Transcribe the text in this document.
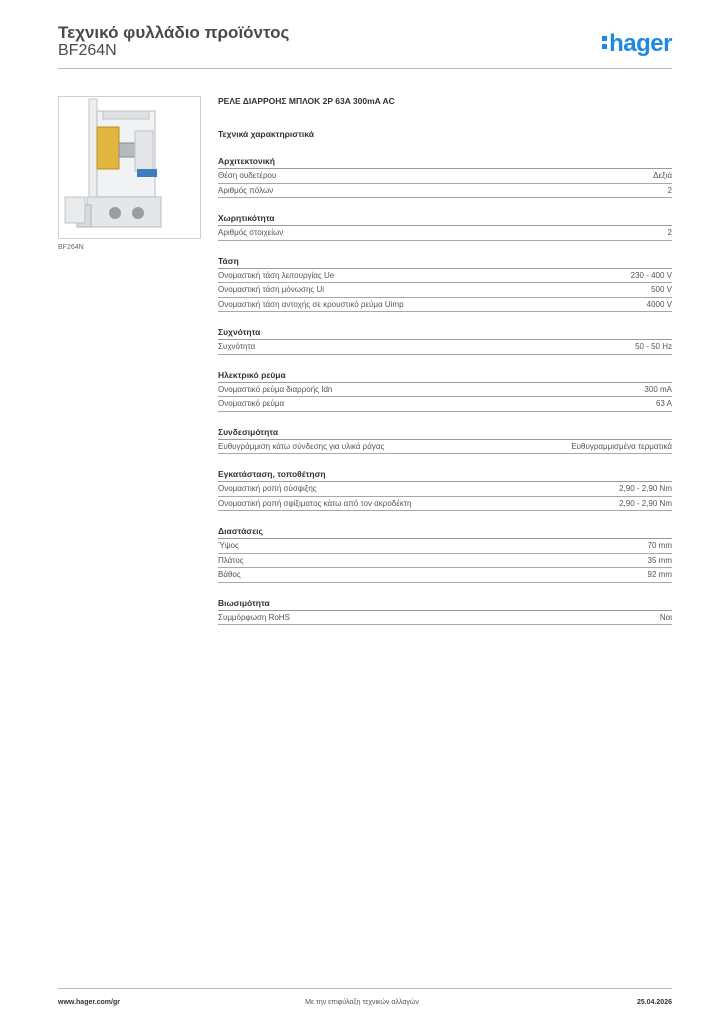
Τεχνικό φυλλάδιο προϊόντος
BF264N	hager
BF264N
ΡΕΛΕ ΔΙΑΡΡΟΗΣ ΜΠΛΟΚ 2P 63A 300mA AC
Τεχνικά χαρακτηριστικά
Αρχιτεκτονική
Θέση ουδετέρου	Δεξιά
Αριθμός πόλων	2
Χωρητικότητα
Αριθμός στοιχείων	2
Τάση
Ονομαστική τάση λειτουργίας Ue	230 - 400 V
Ονομαστική τάση μόνωσης Ui	500 V
Ονομαστική τάση αντοχής σε κρουστικό ρεύμα Uimp	4000 V
Συχνότητα
Συχνότητα	50 - 50 Hz
Ηλεκτρικό ρεύμα
Ονομαστικό ρεύμα διαρροής Idn	300 mA
Ονομαστικό ρεύμα	63 A
Συνδεσιμότητα
Ευθυγράμμιση κάτω σύνδεσης για υλικά ράγας	Ευθυγραμμισμένα τερματικά
Εγκατάσταση, τοποθέτηση
Ονομαστική ροπή σύσφιξης	2,90 - 2,90 Nm
Ονομαστική ροπή σφίξιματος κάτω από τον ακροδέκτη	2,90 - 2,90 Nm
Διαστάσεις
Ύψος	70 mm
Πλάτος	35 mm
Βάθος	92 mm
Βιωσιμότητα
Συμμόρφωση RoHS	Ναι
www.hager.com/gr	Με την επιφύλαξη τεχνικών αλλαγών	25.04.2026
